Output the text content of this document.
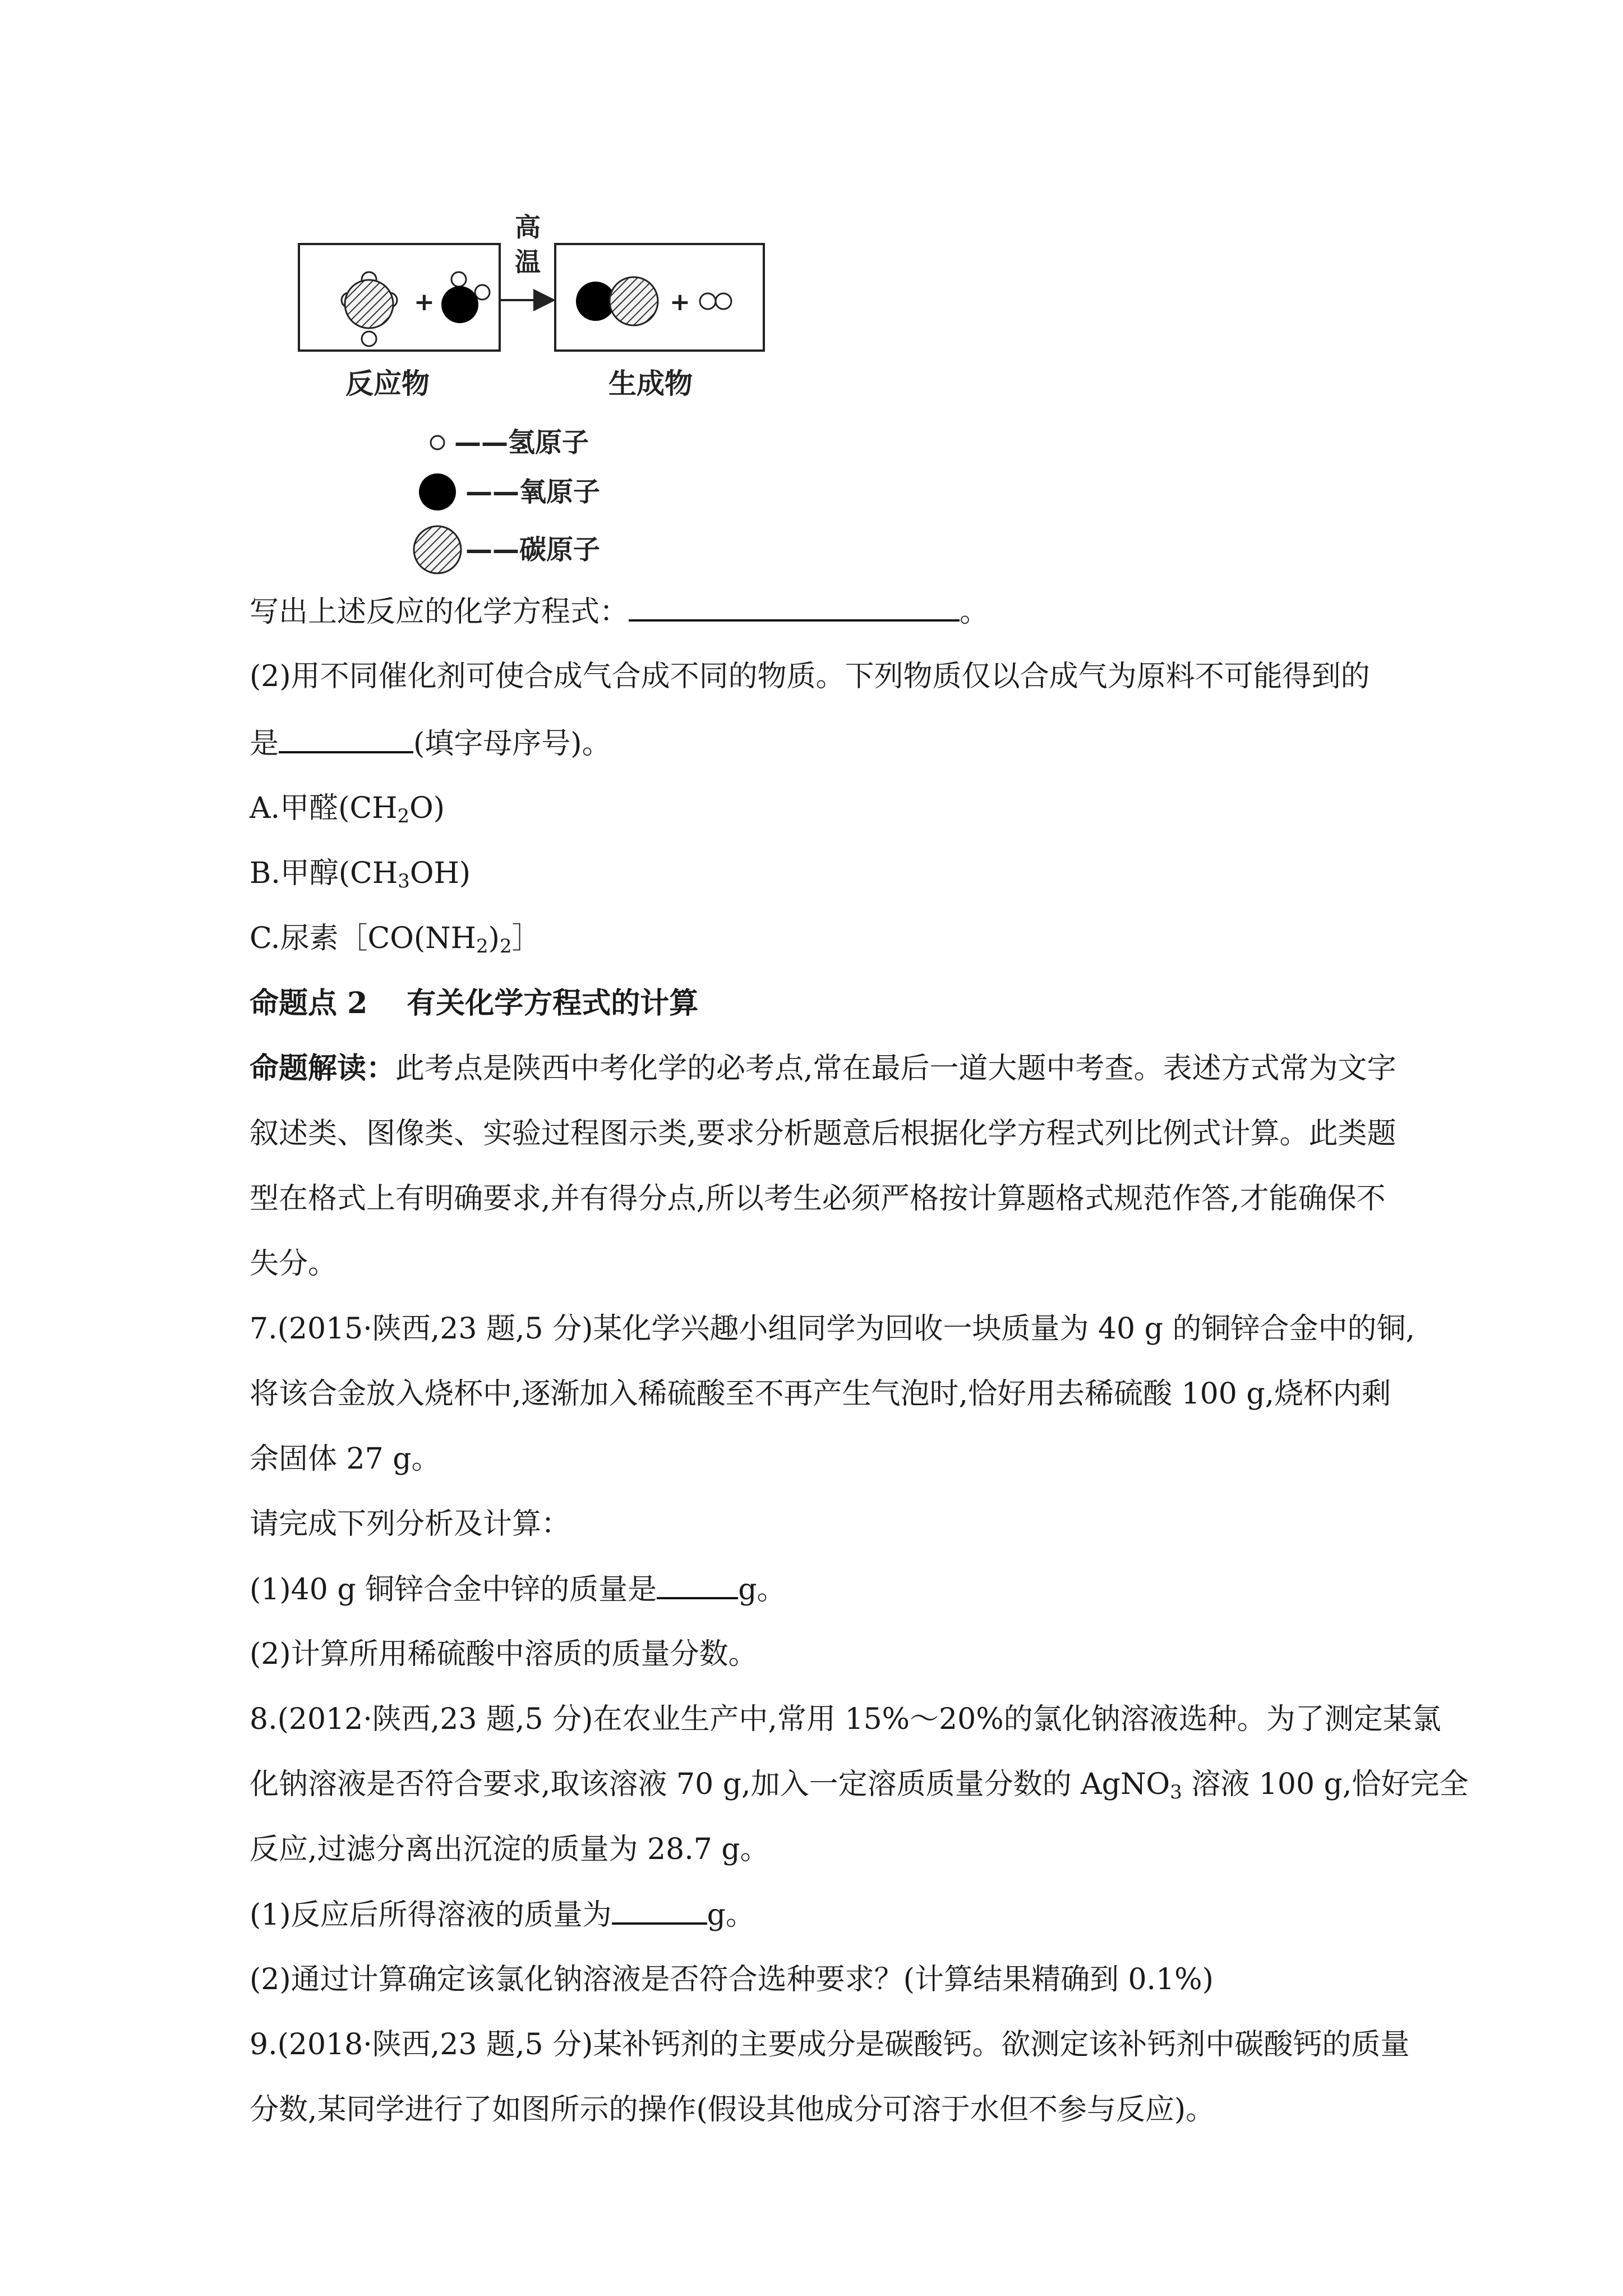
+
高
温
+
反应物	生成物
——氢原子
——氧原子
——碳原子
写出上述反应的化学方程式：	。
(2)用不同催化剂可使合成气合成不同的物质。下列物质仅以合成气为原料不可能得到的
是	(填字母序号)。
A.甲醛$(CH_2O)$
B.甲醇$(CH_3OH)$
C.尿素$[CO(NH_2)_2]$
命题点 2 有关化学方程式的计算
命题解读：此考点是陕西中考化学的必考点,常在最后一道大题中考查。表述方式常为文字
叙述类、图像类、实验过程图示类,要求分析题意后根据化学方程式列比例式计算。此类题
型在格式上有明确要求,并有得分点,所以考生必须严格按计算题格式规范作答,才能确保不
失分。
7.(2015·陕西,23 题,5 分)某化学兴趣小组同学为回收一块质量为 40 g 的铜锌合金中的铜,
将该合金放入烧杯中,逐渐加入稀硫酸至不再产生气泡时,恰好用去稀硫酸 100 g,烧杯内剩
余固体 27 g。
请完成下列分析及计算：
(1)40 g 铜锌合金中锌的质量是	g。
(2)计算所用稀硫酸中溶质的质量分数。
8.(2012·陕西,23 题,5 分)在农业生产中,常用 15%～20%的氯化钠溶液选种。为了测定某氯
化钠溶液是否符合要求,取该溶液 70 g,加入一定溶质质量分数的 AgNO$_3$ 溶液 100 g,恰好完全
反应,过滤分离出沉淀的质量为 28.7 g。
(1)反应后所得溶液的质量为	g。
(2)通过计算确定该氯化钠溶液是否符合选种要求？(计算结果精确到 0.1%)
9.(2018·陕西,23 题,5 分)某补钙剂的主要成分是碳酸钙。欲测定该补钙剂中碳酸钙的质量
分数,某同学进行了如图所示的操作(假设其他成分可溶于水但不参与反应)。
